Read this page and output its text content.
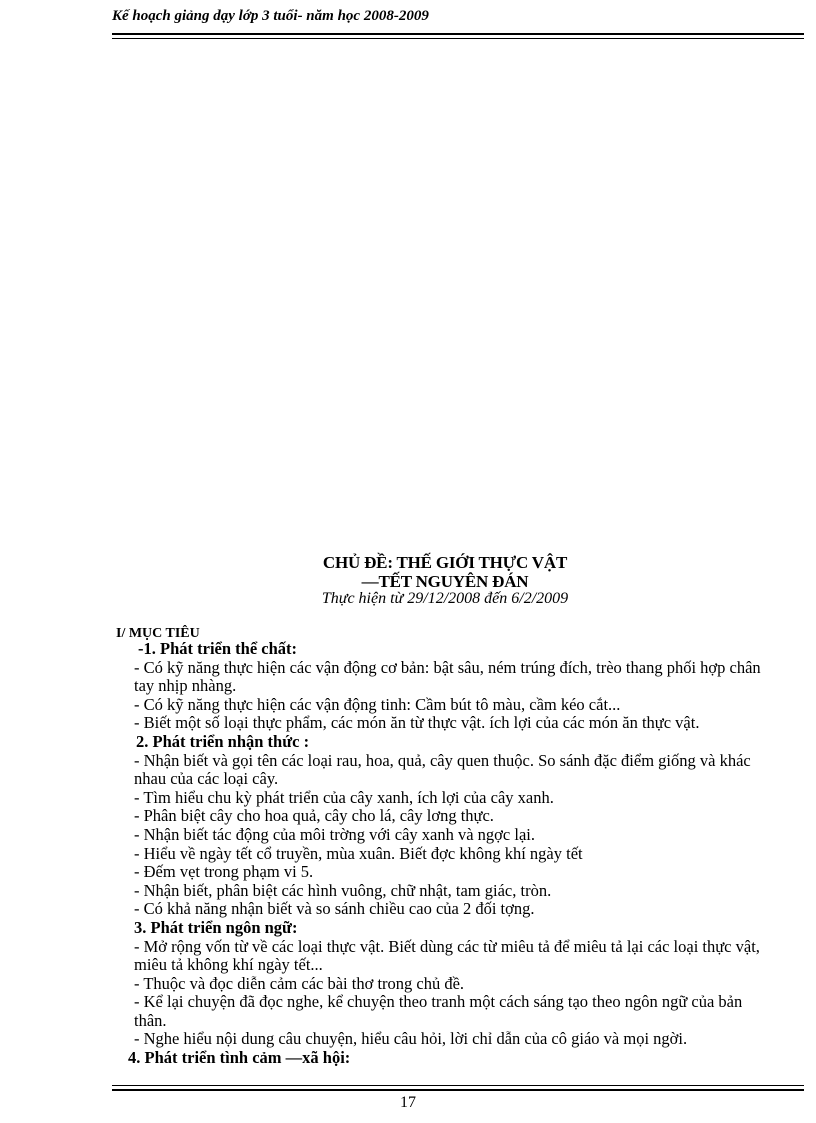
Kế hoạch giảng dạy lớp 3 tuổi- năm học 2008-2009
CHỦ ĐỀ: THẾ GIỚI THỰC VẬT
—TẾT NGUYÊN ĐÁN
Thực hiện từ 29/12/2008 đến 6/2/2009
I/ MỤC TIÊU
-1. Phát triển thể chất:
- Có kỹ năng thực hiện các vận động cơ bản: bật sâu, ném trúng đích, trèo thang phối hợp chân tay nhịp nhàng.
- Có kỹ năng thực hiện các vận động tinh: Cầm bút tô màu, cầm kéo cắt...
- Biết một số loại thực phẩm, các món ăn từ thực vật. ích lợi của các món ăn thực vật.
2. Phát triển nhận thức :
- Nhận biết và gọi tên các loại rau, hoa, quả, cây quen thuộc. So sánh đặc điểm giống và khác nhau của các loại cây.
- Tìm hiểu chu kỳ phát triển của cây xanh, ích lợi của cây xanh.
- Phân biệt cây cho hoa quả, cây cho lá, cây lơng thực.
- Nhận biết tác động của môi trờng với cây xanh và ngợc lại.
- Hiểu về ngày tết cổ truyền, mùa xuân. Biết đợc không khí ngày tết
- Đếm vẹt trong phạm vi 5.
- Nhận biết, phân biệt các hình vuông, chữ nhật, tam giác, tròn.
- Có khả năng nhận biết và so sánh chiều cao của 2 đối tợng.
3. Phát triển ngôn ngữ:
- Mở rộng vốn từ về các loại thực vật. Biết dùng các từ miêu tả để miêu tả lại các loại thực vật, miêu tả không khí ngày tết...
- Thuộc và đọc diễn cảm các bài thơ trong chủ đề.
- Kể lại chuyện đã đọc nghe, kể chuyện theo tranh một cách sáng tạo theo ngôn ngữ của bản thân.
- Nghe hiểu nội dung câu chuyện, hiểu câu hỏi, lời chỉ dẫn của cô giáo và mọi ngời.
4. Phát triển tình cảm —xã hội:
17
